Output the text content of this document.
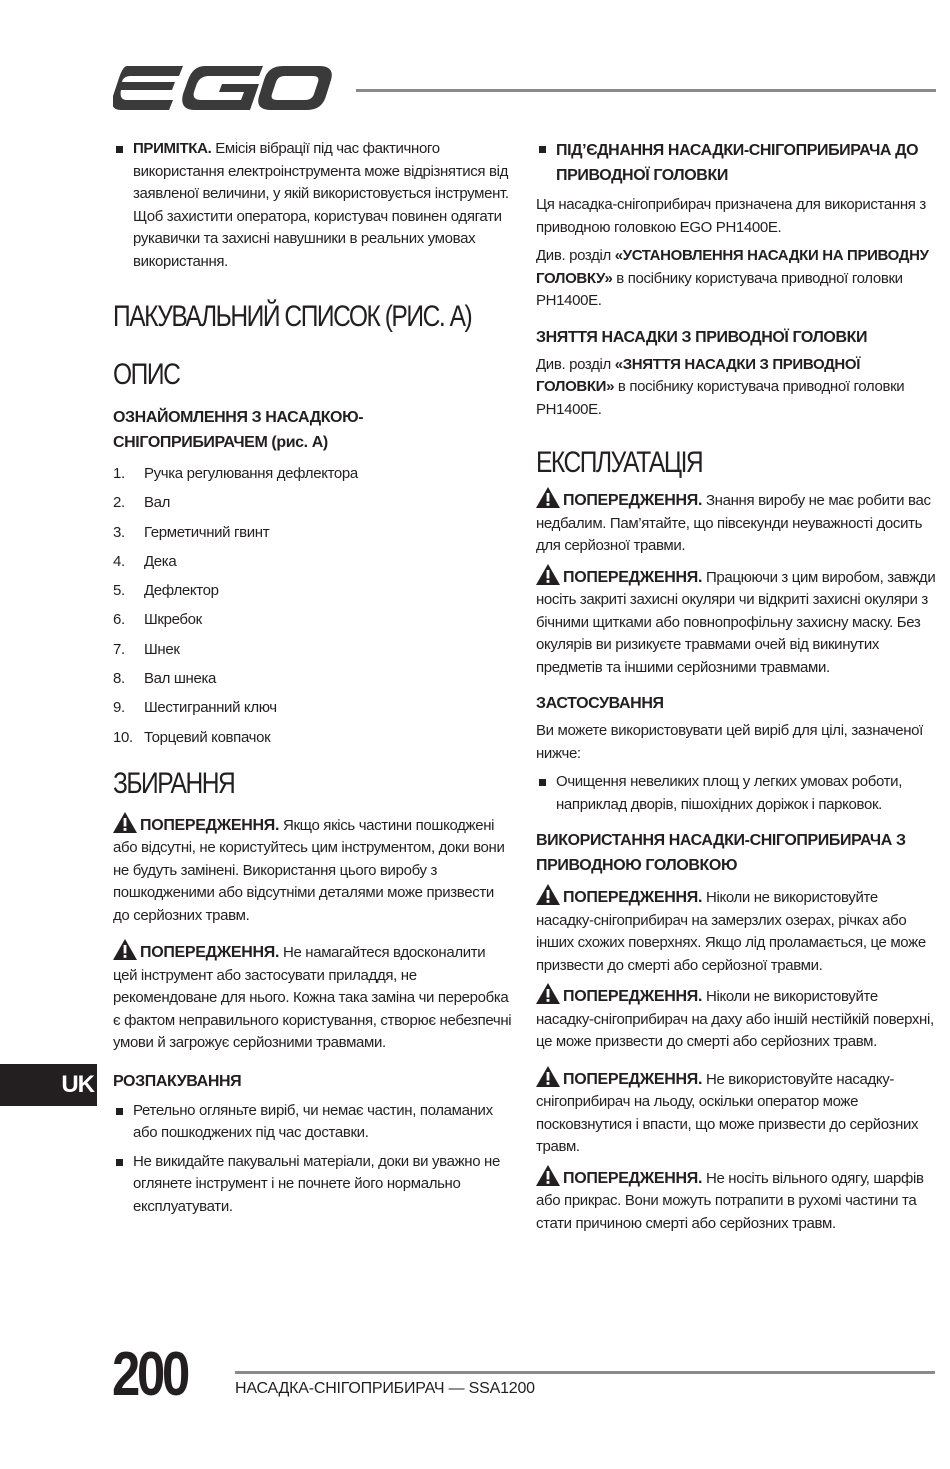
ПРИМІТКА. Емісія вібрації під час фактичного використання електроінструмента може відрізнятися від заявленої величини, у якій використовується інструмент. Щоб захистити оператора, користувач повинен одягати рукавички та захисні навушники в реальних умовах використання.
ПАКУВАЛЬНИЙ СПИСОК (РИС. A)
ОПИС
ОЗНАЙОМЛЕННЯ З НАСАДКОЮ-СНІГОПРИБИРАЧЕМ (рис. A)
1.	Ручка регулювання дефлектора
2.	Вал
3.	Герметичний гвинт
4.	Дека
5.	Дефлектор
6.	Шкребок
7.	Шнек
8.	Вал шнека
9.	Шестигранний ключ
10. Торцевий ковпачок
ЗБИРАННЯ
ПОПЕРЕДЖЕННЯ. Якщо якісь частини пошкоджені або відсутні, не користуйтесь цим інструментом, доки вони не будуть замінені. Використання цього виробу з пошкодженими або відсутніми деталями може призвести до серйозних травм.
ПОПЕРЕДЖЕННЯ. Не намагайтеся вдосконалити цей інструмент або застосувати приладдя, не рекомендоване для нього. Кожна така заміна чи переробка є фактом неправильного користування, створює небезпечні умови й загрожує серйозними травмами.
РОЗПАКУВАННЯ
Ретельно огляньте виріб, чи немає частин, поламаних або пошкоджених під час доставки.
Не викидайте пакувальні матеріали, доки ви уважно не оглянете інструмент і не почнете його нормально експлуатувати.
ПІД’ЄДНАННЯ НАСАДКИ-СНІГОПРИБИРАЧА ДО ПРИВОДНОЇ ГОЛОВКИ
Ця насадка-снігоприбирач призначена для використання з приводною головкою EGO PH1400E.
Див. розділ «УСТАНОВЛЕННЯ НАСАДКИ НА ПРИВОДНУ ГОЛОВКУ» в посібнику користувача приводної головки PH1400E.
ЗНЯТТЯ НАСАДКИ З ПРИВОДНОЇ ГОЛОВКИ
Див. розділ «ЗНЯТТЯ НАСАДКИ З ПРИВОДНОЇ ГОЛОВКИ» в посібнику користувача приводної головки PH1400E.
ЕКСПЛУАТАЦІЯ
ПОПЕРЕДЖЕННЯ. Знання виробу не має робити вас недбалим. Пам’ятайте, що півсекунди неуважності досить для серйозної травми.
ПОПЕРЕДЖЕННЯ. Працюючи з цим виробом, завжди носіть закриті захисні окуляри чи відкриті захисні окуляри з бічними щитками або повнопрофільну захисну маску. Без окулярів ви ризикуєте травмами очей від викинутих предметів та іншими серйозними травмами.
ЗАСТОСУВАННЯ
Ви можете використовувати цей виріб для цілі, зазначеної нижче:
Очищення невеликих площ у легких умовах роботи, наприклад дворів, пішохідних доріжок і парковок.
ВИКОРИСТАННЯ НАСАДКИ-СНІГОПРИБИРАЧА З ПРИВОДНОЮ ГОЛОВКОЮ
ПОПЕРЕДЖЕННЯ. Ніколи не використовуйте насадку-снігоприбирач на замерзлих озерах, річках або інших схожих поверхнях. Якщо лід проламається, це може призвести до смерті або серйозної травми.
ПОПЕРЕДЖЕННЯ. Ніколи не використовуйте насадку-снігоприбирач на даху або іншій нестійкій поверхні, це може призвести до смерті або серйозних травм.
ПОПЕРЕДЖЕННЯ. Не використовуйте насадку-снігоприбирач на льоду, оскільки оператор може посковзнутися і впасти, що може призвести до серйозних травм.
ПОПЕРЕДЖЕННЯ. Не носіть вільного одягу, шарфів або прикрас. Вони можуть потрапити в рухомі частини та стати причиною смерті або серйозних травм.
UK
200	НАСАДКА-СНІГОПРИБИРАЧ — SSA1200
